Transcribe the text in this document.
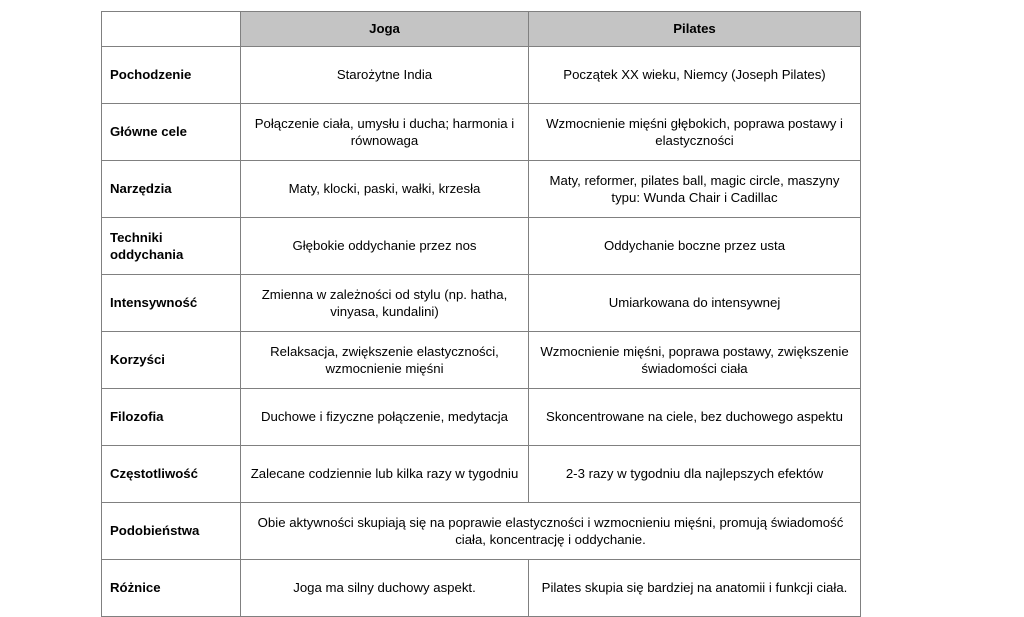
	Joga	Pilates
Pochodzenie	Starożytne India	Początek XX wieku, Niemcy (Joseph Pilates)
Główne cele	Połączenie ciała, umysłu i ducha; harmonia i równowaga	Wzmocnienie mięśni głębokich, poprawa postawy i elastyczności
Narzędzia	Maty, klocki, paski, wałki, krzesła	Maty, reformer, pilates ball, magic circle, maszyny typu: Wunda Chair i Cadillac
Techniki oddychania	Głębokie oddychanie przez nos	Oddychanie boczne przez usta
Intensywność	Zmienna w zależności od stylu (np. hatha, vinyasa, kundalini)	Umiarkowana do intensywnej
Korzyści	Relaksacja, zwiększenie elastyczności, wzmocnienie mięśni	Wzmocnienie mięśni, poprawa postawy, zwiększenie świadomości ciała
Filozofia	Duchowe i fizyczne połączenie, medytacja	Skoncentrowane na ciele, bez duchowego aspektu
Częstotliwość	Zalecane codziennie lub kilka razy w tygodniu	2-3 razy w tygodniu dla najlepszych efektów
Podobieństwa	Obie aktywności skupiają się na poprawie elastyczności i wzmocnieniu mięśni, promują świadomość ciała, koncentrację i oddychanie.	
Różnice	Joga ma silny duchowy aspekt.	Pilates skupia się bardziej na anatomii i funkcji ciała.
